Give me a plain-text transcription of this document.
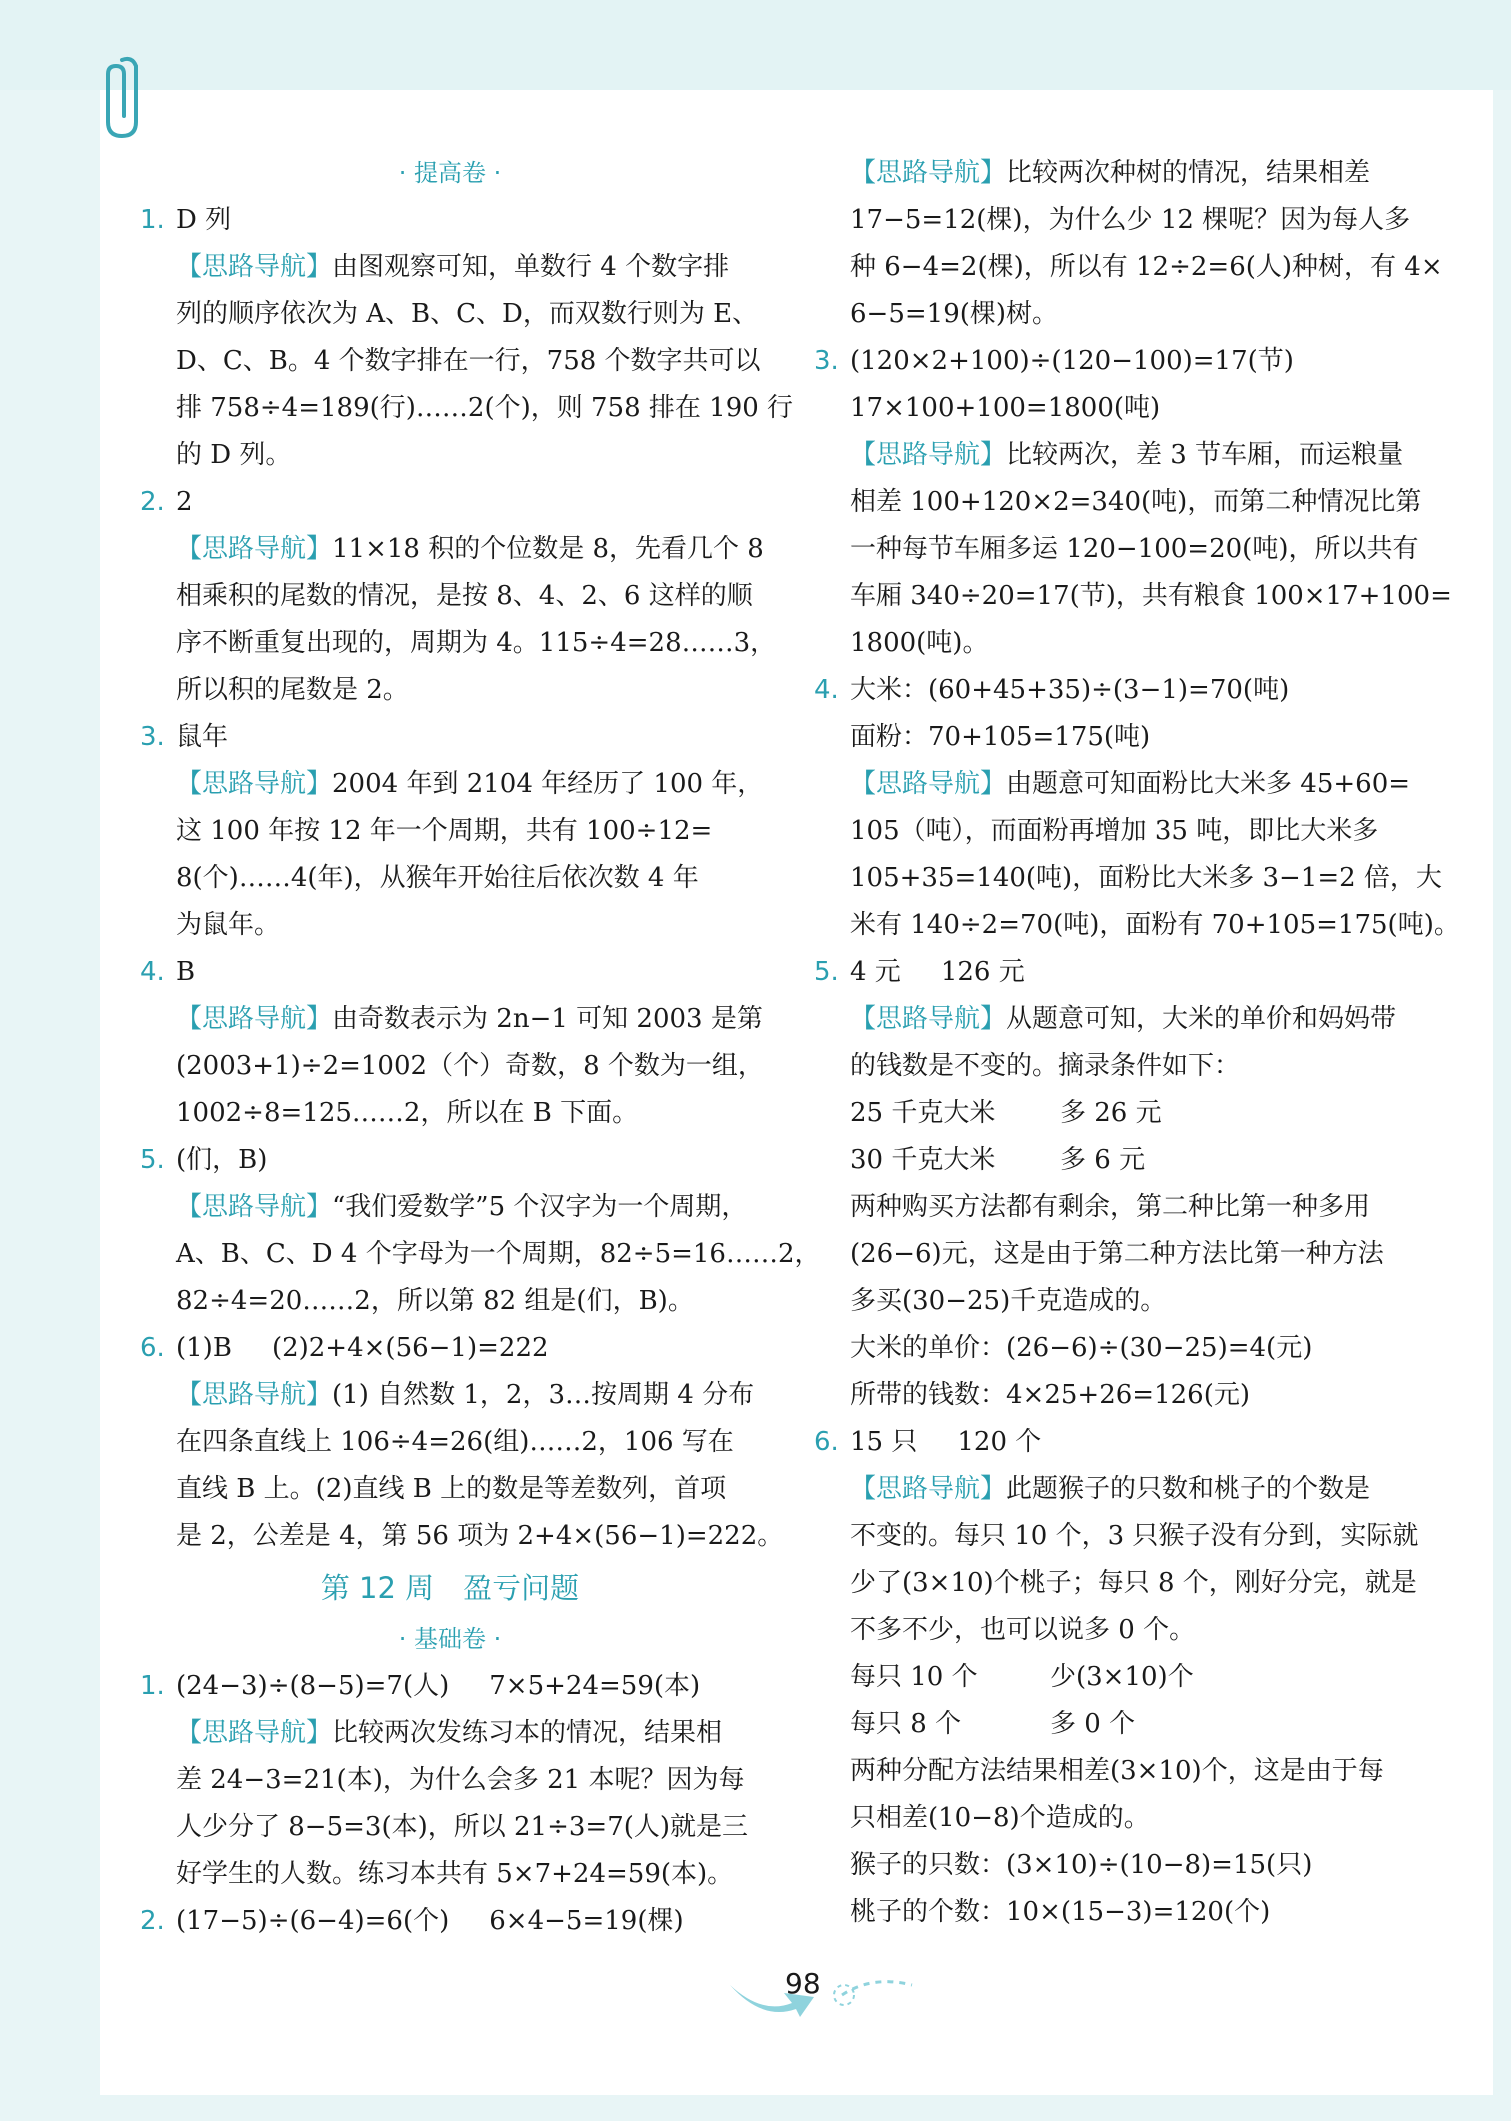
· 提高卷 ·
1. D 列
【思路导航】由图观察可知，单数行 4 个数字排
列的顺序依次为 A、B、C、D，而双数行则为 E、
D、C、B。4 个数字排在一行，758 个数字共可以
排 758÷4=189(行)……2(个)，则 758 排在 190 行
的 D 列。
2. 2
【思路导航】11×18 积的个位数是 8，先看几个 8
相乘积的尾数的情况，是按 8、4、2、6 这样的顺
序不断重复出现的，周期为 4。115÷4=28……3，
所以积的尾数是 2。
3. 鼠年
【思路导航】2004 年到 2104 年经历了 100 年，
这 100 年按 12 年一个周期，共有 100÷12=
8(个)……4(年)，从猴年开始往后依次数 4 年
为鼠年。
4. B
【思路导航】由奇数表示为 2n−1 可知 2003 是第
(2003+1)÷2=1002（个）奇数，8 个数为一组，
1002÷8=125……2，所以在 B 下面。
5. (们，B)
【思路导航】“我们爱数学”5 个汉字为一个周期，
A、B、C、D 4 个字母为一个周期，82÷5=16……2，
82÷4=20……2，所以第 82 组是(们，B)。
6. (1)B (2)2+4×(56−1)=222
【思路导航】(1) 自然数 1，2，3…按周期 4 分布
在四条直线上 106÷4=26(组)……2，106 写在
直线 B 上。(2)直线 B 上的数是等差数列，首项
是 2，公差是 4，第 56 项为 2+4×(56−1)=222。
第 12 周　盈亏问题
· 基础卷 ·
1. (24−3)÷(8−5)=7(人) 7×5+24=59(本)
【思路导航】比较两次发练习本的情况，结果相
差 24−3=21(本)，为什么会多 21 本呢？因为每
人少分了 8−5=3(本)，所以 21÷3=7(人)就是三
好学生的人数。练习本共有 5×7+24=59(本)。
2. (17−5)÷(6−4)=6(个) 6×4−5=19(棵)
【思路导航】比较两次种树的情况，结果相差
17−5=12(棵)，为什么少 12 棵呢？因为每人多
种 6−4=2(棵)，所以有 12÷2=6(人)种树，有 4×
6−5=19(棵)树。
3. (120×2+100)÷(120−100)=17(节)
17×100+100=1800(吨)
【思路导航】比较两次，差 3 节车厢，而运粮量
相差 100+120×2=340(吨)，而第二种情况比第
一种每节车厢多运 120−100=20(吨)，所以共有
车厢 340÷20=17(节)，共有粮食 100×17+100=
1800(吨)。
4. 大米：(60+45+35)÷(3−1)=70(吨)
面粉：70+105=175(吨)
【思路导航】由题意可知面粉比大米多 45+60=
105（吨），而面粉再增加 35 吨，即比大米多
105+35=140(吨)，面粉比大米多 3−1=2 倍，大
米有 140÷2=70(吨)，面粉有 70+105=175(吨)。
5. 4 元 126 元
【思路导航】从题意可知，大米的单价和妈妈带
的钱数是不变的。摘录条件如下：
25 千克大米 多 26 元
30 千克大米 多 6 元
两种购买方法都有剩余，第二种比第一种多用
(26−6)元，这是由于第二种方法比第一种方法
多买(30−25)千克造成的。
大米的单价：(26−6)÷(30−25)=4(元)
所带的钱数：4×25+26=126(元)
6. 15 只 120 个
【思路导航】此题猴子的只数和桃子的个数是
不变的。每只 10 个，3 只猴子没有分到，实际就
少了(3×10)个桃子；每只 8 个，刚好分完，就是
不多不少，也可以说多 0 个。
每只 10 个	少(3×10)个
每只 8 个	多 0 个
两种分配方法结果相差(3×10)个，这是由于每
只相差(10−8)个造成的。
猴子的只数：(3×10)÷(10−8)=15(只)
桃子的个数：10×(15−3)=120(个)
98
